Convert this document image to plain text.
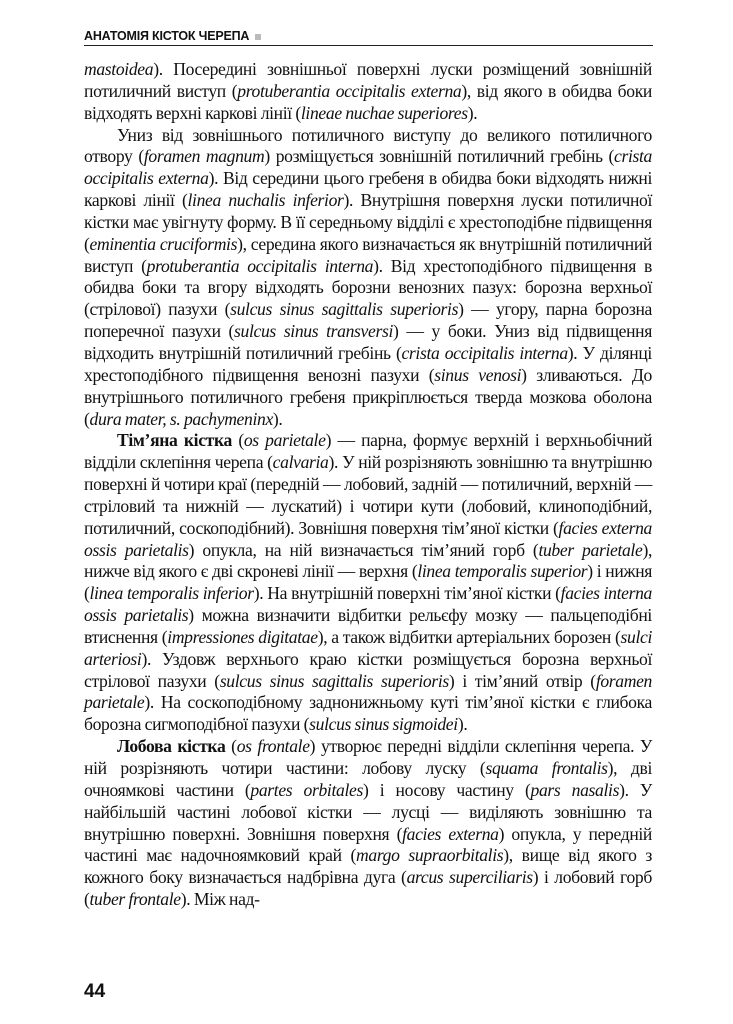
АНАТОМІЯ КІСТОК ЧЕРЕПА

mastoidea). Посередині зовнішньої поверхні луски розміщений зовнішній потиличний виступ (protuberantia occipitalis externa), від якого в обидва боки відходять верхні каркові лінії (lineae nuchae superiores).

Униз від зовнішнього потиличного виступу до великого потиличного отвору (foramen magnum) розміщується зовнішній потиличний гребінь (crista occipitalis externa). Від середини цього гребеня в обидва боки відходять нижні каркові лінії (linea nuchalis inferior). Внутрішня поверхня луски потиличної кістки має увігнуту форму. В її середньому відділі є хрестоподібне підвищення (eminentia cruciformis), середина якого визначається як внутрішній потиличний виступ (protuberantia occipitalis interna). Від хрестоподібного підвищення в обидва боки та вгору відходять борозни венозних пазух: борозна верхньої (стрілової) пазухи (sulcus sinus sagittalis superioris) — угору, парна борозна поперечної пазухи (sulcus sinus transversi) — у боки. Униз від підвищення відходить внутрішній потиличний гребінь (crista occipitalis interna). У ділянці хрестоподібного підвищення венозні пазухи (sinus venosi) зливаються. До внутрішнього потиличного гребеня прикріплюється тверда мозкова оболона (dura mater, s. pachymeninx).

Тім’яна кістка (os parietale) — парна, формує верхній і верхньобічний відділи склепіння черепа (calvaria). У ній розрізняють зовнішню та внутрішню поверхні й чотири краї (передній — лобовий, задній — потиличний, верхній — стріловий та нижній — лускатий) і чотири кути (лобовий, клиноподібний, потиличний, соскоподібний). Зовнішня поверхня тім’яної кістки (facies externa ossis parietalis) опукла, на ній визначається тім’яний горб (tuber parietale), нижче від якого є дві скроневі лінії — верхня (linea temporalis superior) і нижня (linea temporalis inferior). На внутрішній поверхні тім’яної кістки (facies interna ossis parietalis) можна визначити відбитки рельєфу мозку — пальцеподібні втиснення (impressiones digitatae), а також відбитки артеріальних борозен (sulci arteriosi). Уздовж верхнього краю кістки розміщується борозна верхньої стрілової пазухи (sulcus sinus sagittalis superioris) і тім’яний отвір (foramen parietale). На соскоподібному заднонижньому куті тім’яної кістки є глибока борозна сигмоподібної пазухи (sulcus sinus sigmoidei).

Лобова кістка (os frontale) утворює передні відділи склепіння черепа. У ній розрізняють чотири частини: лобову луску (squama frontalis), дві очноямкові частини (partes orbitales) і носову частину (pars nasalis). У найбільшій частині лобової кістки — лусці — виділяють зовнішню та внутрішню поверхні. Зовнішня поверхня (facies externa) опукла, у передній частині має надочноямковий край (margo supraorbitalis), вище від якого з кожного боку визначається надбрівна дуга (arcus superciliaris) і лобовий горб (tuber frontale). Між над-

44
